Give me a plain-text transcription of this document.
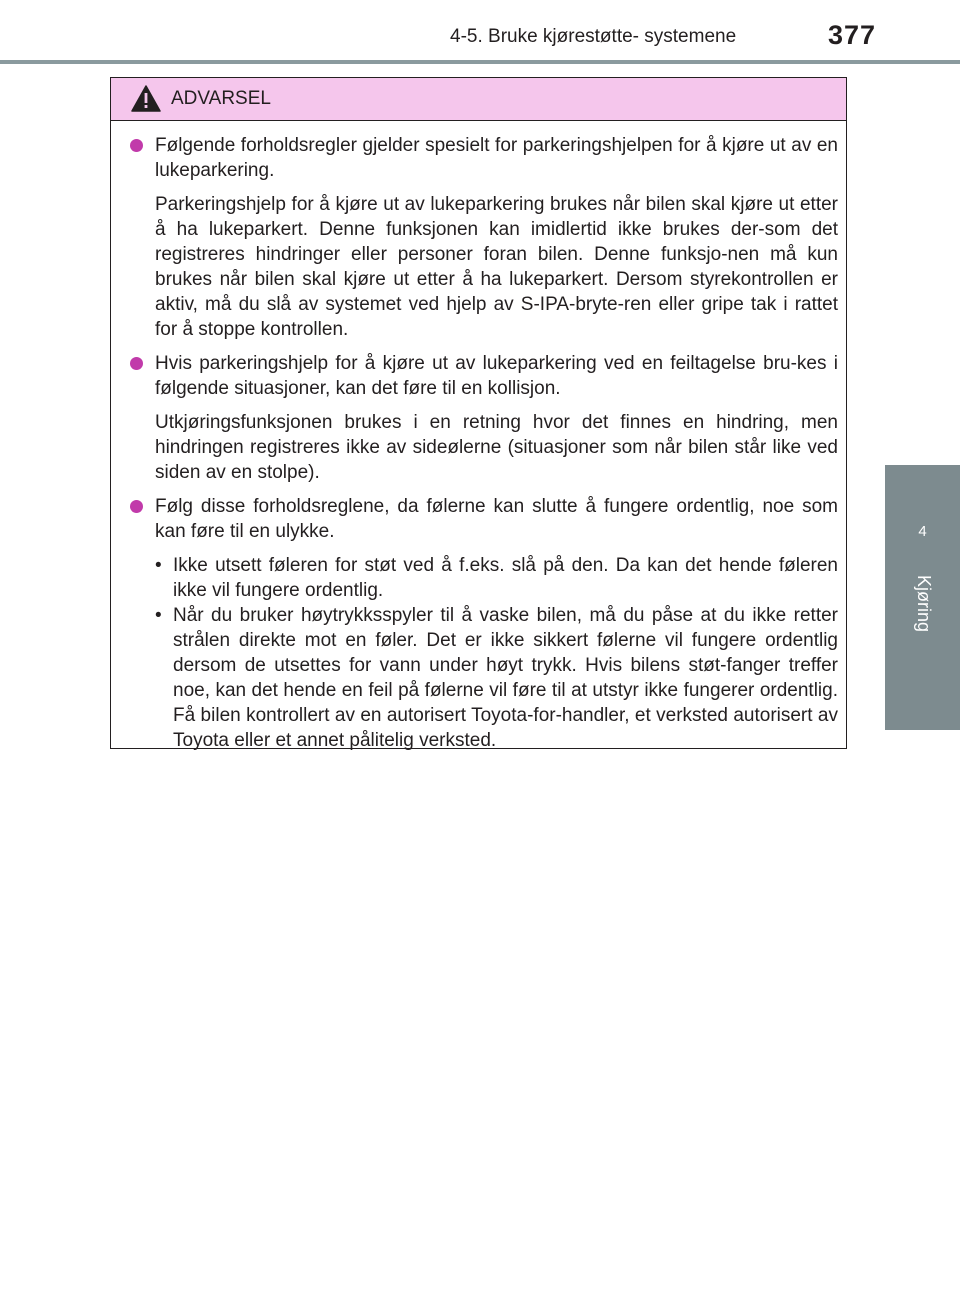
4-5. Bruke kjørestøtte- systemene	377
4
Kjøring
ADVARSEL
Følgende forholdsregler gjelder spesielt for parkeringshjelpen for å kjøre ut av en lukeparkering.
Parkeringshjelp for å kjøre ut av lukeparkering brukes når bilen skal kjøre ut etter å ha lukeparkert. Denne funksjonen kan imidlertid ikke brukes der-som det registreres hindringer eller personer foran bilen. Denne funksjo-nen må kun brukes når bilen skal kjøre ut etter å ha lukeparkert. Dersom styrekontrollen er aktiv, må du slå av systemet ved hjelp av S-IPA-bryte-ren eller gripe tak i rattet for å stoppe kontrollen.
Hvis parkeringshjelp for å kjøre ut av lukeparkering ved en feiltagelse bru-kes i følgende situasjoner, kan det føre til en kollisjon.
Utkjøringsfunksjonen brukes i en retning hvor det finnes en hindring, men hindringen registreres ikke av sideølerne (situasjoner som når bilen står like ved siden av en stolpe).
Følg disse forholdsreglene, da følerne kan slutte å fungere ordentlig, noe som kan føre til en ulykke.
• Ikke utsett føleren for støt ved å f.eks. slå på den. Da kan det hende føleren ikke vil fungere ordentlig.
• Når du bruker høytrykksspyler til å vaske bilen, må du påse at du ikke retter strålen direkte mot en føler. Det er ikke sikkert følerne vil fungere ordentlig dersom de utsettes for vann under høyt trykk. Hvis bilens støt-fanger treffer noe, kan det hende en feil på følerne vil føre til at utstyr ikke fungerer ordentlig. Få bilen kontrollert av en autorisert Toyota-for-handler, et verksted autorisert av Toyota eller et annet pålitelig verksted.
